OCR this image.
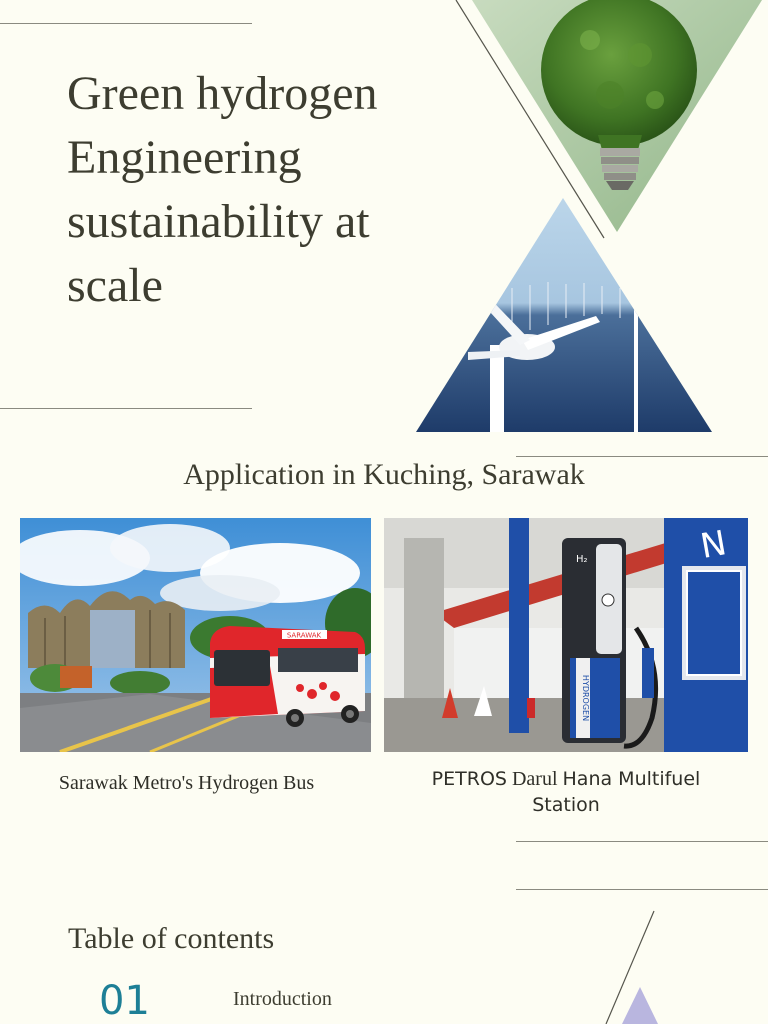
Green hydrogen
Engineering
sustainability at
scale
Application in Kuching, Sarawak
SARAWAK
N
HYDROGEN
H₂
Sarawak Metro's Hydrogen Bus	PETROS Darul Hana Multifuel
Station
Table of contents
01	Introduction
